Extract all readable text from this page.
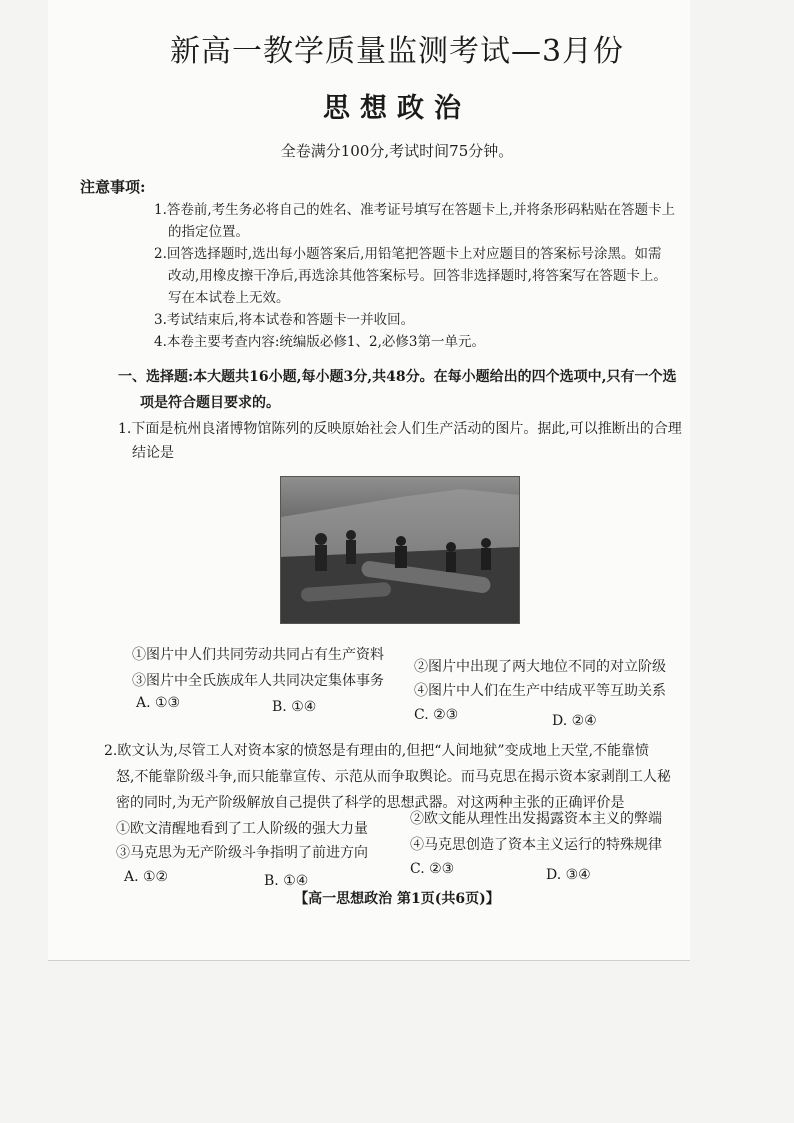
新高一教学质量监测考试—3月份
思想政治
全卷满分100分,考试时间75分钟。
注意事项:
1.答卷前,考生务必将自己的姓名、准考证号填写在答题卡上,并将条形码粘贴在答题卡上
的指定位置。
2.回答选择题时,选出每小题答案后,用铅笔把答题卡上对应题目的答案标号涂黑。如需
改动,用橡皮擦干净后,再选涂其他答案标号。回答非选择题时,将答案写在答题卡上。
写在本试卷上无效。
3.考试结束后,将本试卷和答题卡一并收回。
4.本卷主要考查内容:统编版必修1、2,必修3第一单元。
一、选择题:本大题共16小题,每小题3分,共48分。在每小题给出的四个选项中,只有一个选
项是符合题目要求的。
1.下面是杭州良渚博物馆陈列的反映原始社会人们生产活动的图片。据此,可以推断出的合理
结论是
①图片中人们共同劳动共同占有生产资料
②图片中出现了两大地位不同的对立阶级
③图片中全氏族成年人共同决定集体事务
④图片中人们在生产中结成平等互助关系
A. ①③	B. ①④	C. ②③	D. ②④
2.欧文认为,尽管工人对资本家的愤怒是有理由的,但把“人间地狱”变成地上天堂,不能靠愤
怒,不能靠阶级斗争,而只能靠宣传、示范从而争取舆论。而马克思在揭示资本家剥削工人秘
密的同时,为无产阶级解放自己提供了科学的思想武器。对这两种主张的正确评价是
①欧文清醒地看到了工人阶级的强大力量
②欧文能从理性出发揭露资本主义的弊端
③马克思为无产阶级斗争指明了前进方向	④马克思创造了资本主义运行的特殊规律
A. ①②	B. ①④
C. ②③	D. ③④
【高一思想政治 第1页(共6页)】
